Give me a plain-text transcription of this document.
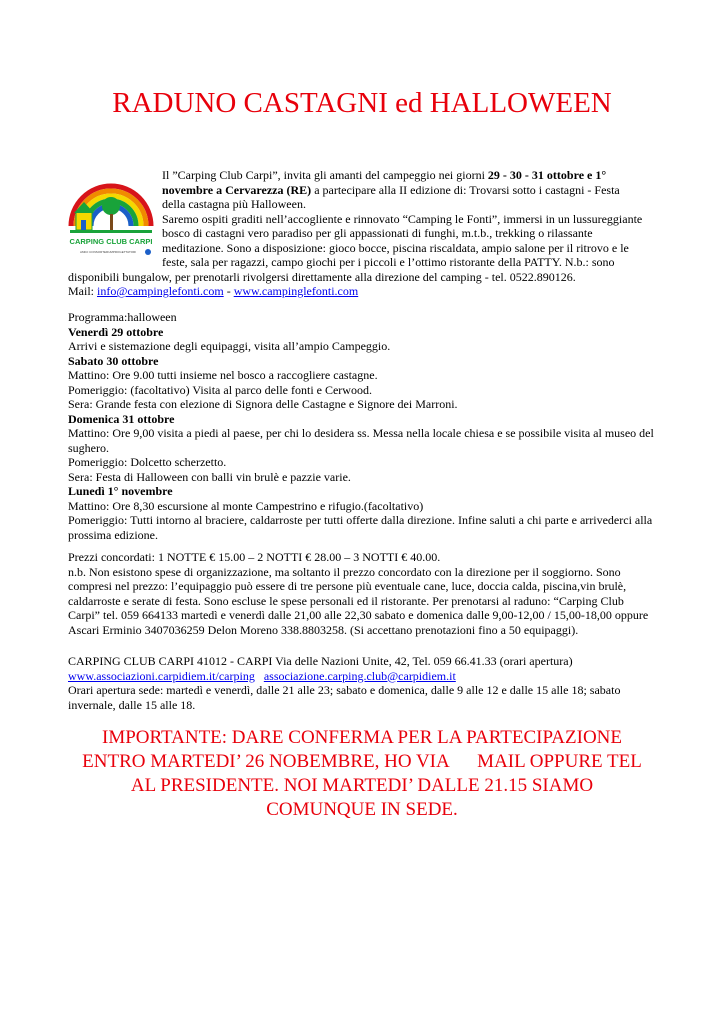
RADUNO CASTAGNI ed HALLOWEEN
CARPING CLUB CARPI
AMICI CONSORTERUMPROGETTATORI
Il ”Carping Club Carpi”, invita gli amanti del campeggio nei giorni 29 - 30 - 31 ottobre e 1°
novembre a Cervarezza (RE) a partecipare alla II edizione di: Trovarsi sotto i castagni - Festa
della castagna più Halloween.
Saremo ospiti graditi nell’accogliente e rinnovato “Camping le Fonti”, immersi in un lussureggiante
bosco di castagni vero paradiso per gli appassionati di funghi, m.t.b., trekking o rilassante
meditazione. Sono a disposizione: gioco bocce, piscina riscaldata, ampio salone per il ritrovo e le
feste, sala per ragazzi, campo giochi per i piccoli e l’ottimo ristorante della PATTY. N.b.: sono
disponibili bungalow, per prenotarli rivolgersi direttamente alla direzione del camping - tel. 0522.890126.
Mail: info@campinglefonti.com - www.campinglefonti.com

Programma:halloween

Venerdì 29 ottobre

Arrivi e sistemazione degli equipaggi, visita all’ampio Campeggio.

Sabato 30 ottobre

Mattino: Ore 9.00 tutti insieme nel bosco a raccogliere castagne.

Pomeriggio: (facoltativo) Visita al parco delle fonti e Cerwood.

Sera: Grande festa con elezione di Signora delle Castagne e Signore dei Marroni.

Domenica 31 ottobre

Mattino: Ore 9,00 visita a piedi al paese, per chi lo desidera ss. Messa nella locale chiesa e se possibile visita al museo del sughero.

Pomeriggio: Dolcetto scherzetto.

Sera: Festa di Halloween con balli vin brulè e pazzie varie.

Lunedì 1° novembre

Mattino: Ore 8,30 escursione al monte Campestrino e rifugio.(facoltativo)

Pomeriggio: Tutti intorno al braciere, caldarroste per tutti offerte dalla direzione. Infine saluti a chi parte e arrivederci alla prossima edizione.

Prezzi concordati: 1 NOTTE € 15.00 – 2 NOTTI € 28.00 – 3 NOTTI € 40.00.

n.b. Non esistono spese di organizzazione, ma soltanto il prezzo concordato con la direzione per il soggiorno. Sono compresi nel prezzo: l’equipaggio può essere di tre persone più eventuale cane, luce, doccia calda, piscina,vin brulè, caldarroste e serate di festa. Sono escluse le spese personali ed il ristorante. Per prenotarsi al raduno: “Carping Club Carpi” tel. 059 664133 martedì e venerdì dalle 21,00 alle 22,30 sabato e domenica dalle 9,00-12,00 / 15,00-18,00 oppure Ascari Erminio 3407036259 Delon Moreno 338.8803258. (Si accettano prenotazioni fino a 50 equipaggi).

CARPING CLUB CARPI 41012 - CARPI Via delle Nazioni Unite, 42, Tel. 059 66.41.33 (orari apertura)

www.associazioni.carpidiem.it/carping associazione.carping.club@carpidiem.it

Orari apertura sede: martedì e venerdì, dalle 21 alle 23; sabato e domenica, dalle 9 alle 12 e dalle 15 alle 18; sabato invernale, dalle 15 alle 18.

IMPORTANTE: DARE CONFERMA PER LA PARTECIPAZIONE
ENTRO MARTEDI’ 26 NOBEMBRE, HO VIA      MAIL OPPURE TEL
AL PRESIDENTE. NOI MARTEDI’ DALLE 21.15 SIAMO
COMUNQUE IN SEDE.
